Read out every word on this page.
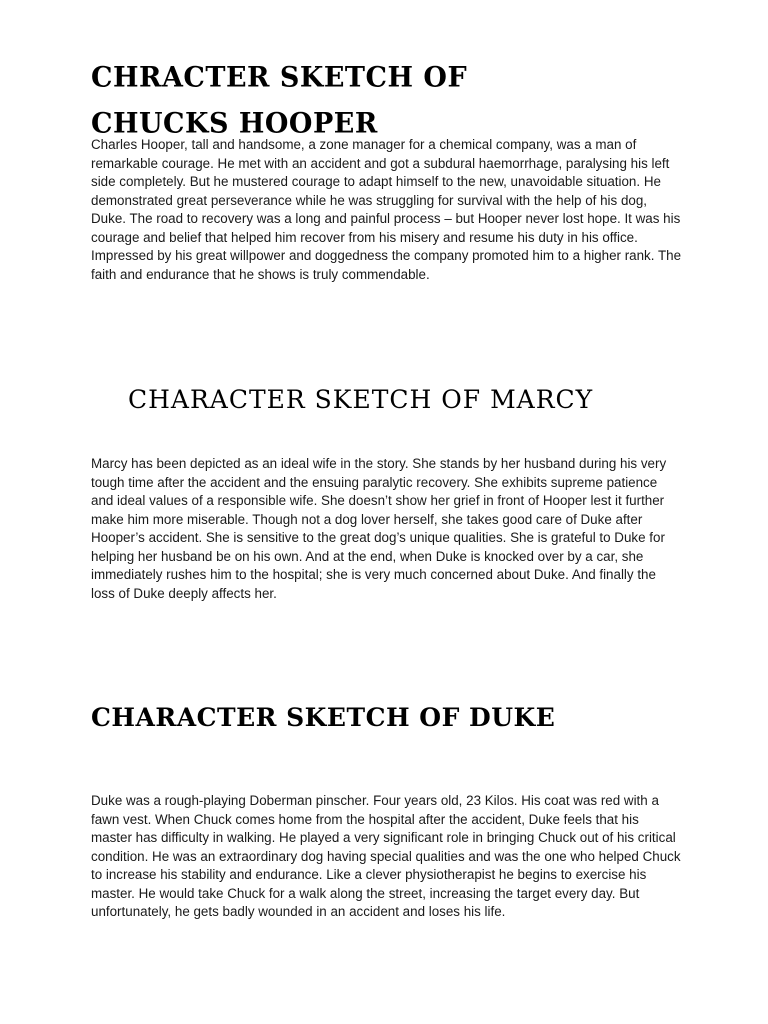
CHRACTER SKETCH OF CHUCKS HOOPER

Charles Hooper, tall and handsome, a zone manager for a chemical company, was a man of remarkable courage. He met with an accident and got a subdural haemorrhage, paralysing his left side completely. But he mustered courage to adapt himself to the new, unavoidable situation. He demonstrated great perseverance while he was struggling for survival with the help of his dog, Duke. The road to recovery was a long and painful process – but Hooper never lost hope. It was his courage and belief that helped him recover from his misery and resume his duty in his office. Impressed by his great willpower and doggedness the company promoted him to a higher rank. The faith and endurance that he shows is truly commendable.

CHARACTER SKETCH OF MARCY

Marcy has been depicted as an ideal wife in the story. She stands by her husband during his very tough time after the accident and the ensuing paralytic recovery. She exhibits supreme patience and ideal values of a responsible wife. She doesn’t show her grief in front of Hooper lest it further make him more miserable. Though not a dog lover herself, she takes good care of Duke after Hooper’s accident. She is sensitive to the great dog’s unique qualities. She is grateful to Duke for helping her husband be on his own. And at the end, when Duke is knocked over by a car, she immediately rushes him to the hospital; she is very much concerned about Duke. And finally the loss of Duke deeply affects her.

CHARACTER SKETCH OF DUKE

Duke was a rough-playing Doberman pinscher. Four years old, 23 Kilos. His coat was red with a fawn vest. When Chuck comes home from the hospital after the accident, Duke feels that his master has difficulty in walking. He played a very significant role in bringing Chuck out of his critical condition. He was an extraordinary dog having special qualities and was the one who helped Chuck to increase his stability and endurance. Like a clever physiotherapist he begins to exercise his master. He would take Chuck for a walk along the street, increasing the target every day. But unfortunately, he gets badly wounded in an accident and loses his life.
